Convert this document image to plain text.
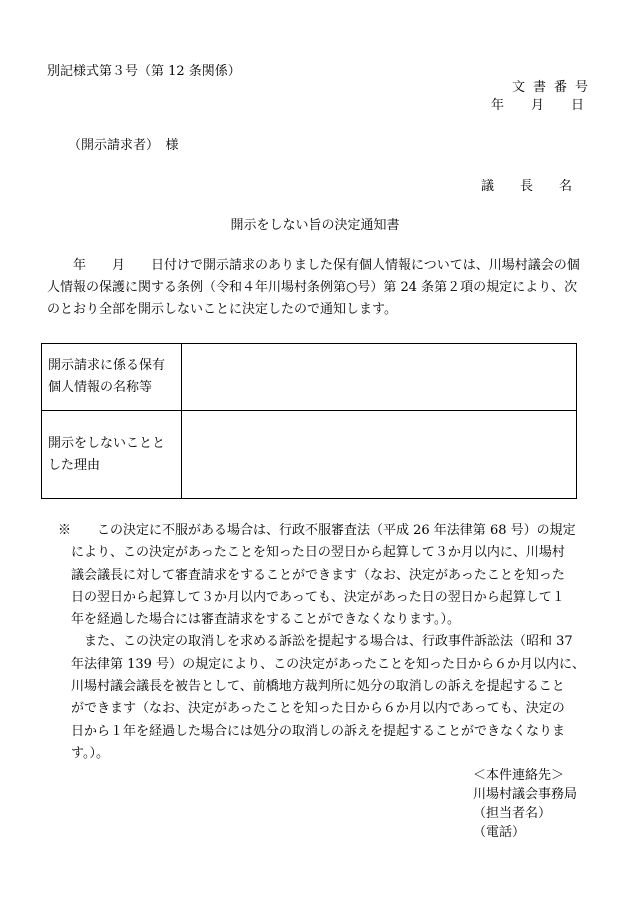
別記様式第３号（第 12 条関係）
文書番号
年 月 日
（開示請求者）　様
議 長 名
開示をしない旨の決定通知書
　　年　　月　　日付けで開示請求のありました保有個人情報については、川場村議会の個
人情報の保護に関する条例（令和４年川場村条例第○号）第 24 条第２項の規定により、次
のとおり全部を開示しないことに決定したので通知します。
開示請求に係る保有
個人情報の名称等	

開示をしないことと
した理由	

※　　この決定に不服がある場合は、行政不服審査法（平成 26 年法律第 68 号）の規定
　により、この決定があったことを知った日の翌日から起算して３か月以内に、川場村
　議会議長に対して審査請求をすることができます（なお、決定があったことを知った
　日の翌日から起算して３か月以内であっても、決定があった日の翌日から起算して１
　年を経過した場合には審査請求をすることができなくなります。）。
　　また、この決定の取消しを求める訴訟を提起する場合は、行政事件訴訟法（昭和 37
　年法律第 139 号）の規定により、この決定があったことを知った日から６か月以内に、
　川場村議会議長を被告として、前橋地方裁判所に処分の取消しの訴えを提起すること
　ができます（なお、決定があったことを知った日から６か月以内であっても、決定の
　日から１年を経過した場合には処分の取消しの訴えを提起することができなくなりま
　す。）。
＜本件連絡先＞
川場村議会事務局
（担当者名）
（電話）
